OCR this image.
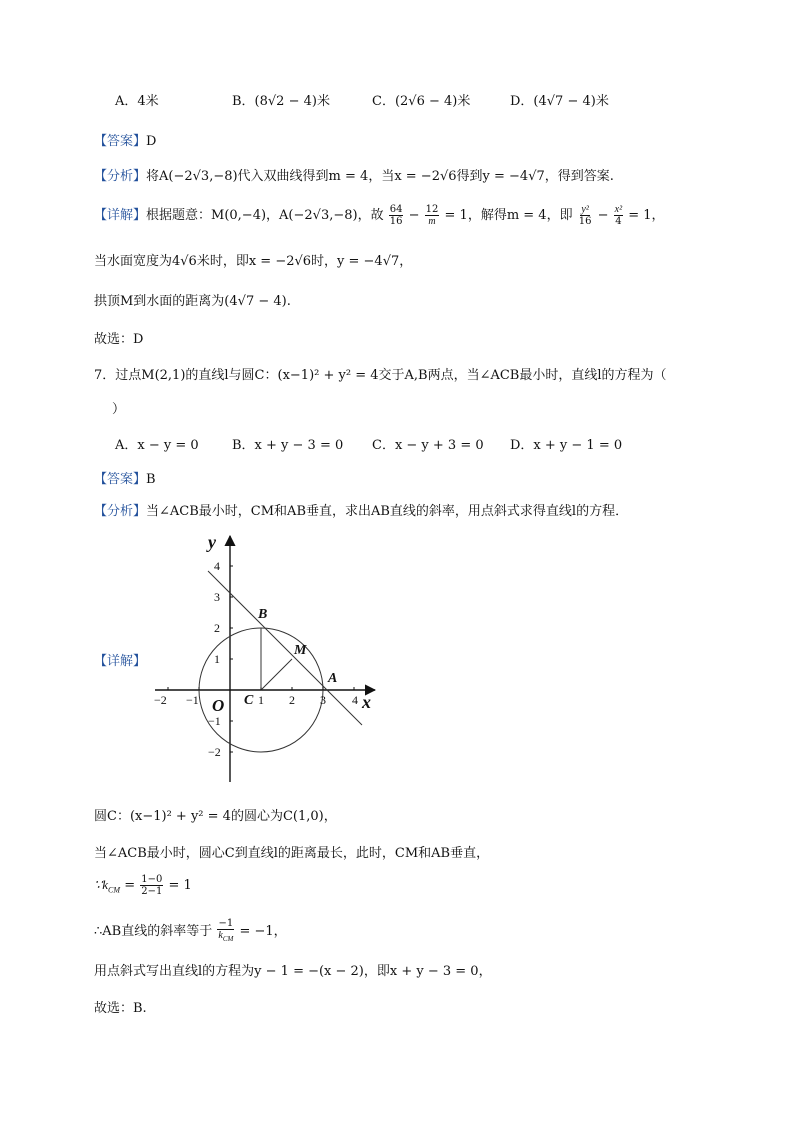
A．4米	B．(8√2 − 4)米	C．(2√6 − 4)米	D．(4√7 − 4)米
【答案】D
【分析】将A(−2√3,−8)代入双曲线得到m = 4，当x = −2√6得到y = −4√7，得到答案.
【详解】根据题意：M(0,−4)，A(−2√3,−8)，故 $\frac{64}{16} - \frac{12}{m} = 1$，解得m = 4，即 $\frac{\text{y²}}{16} - \frac{\text{x²}}{4} = 1$，
当水面宽度为4√6米时，即x = −2√6时，y = −4√7，
拱顶M到水面的距离为(4√7 − 4).
故选：D
7．过点M(2,1)的直线l与圆C：(x−1)² + y² = 4交于A,B两点，当∠ACB最小时，直线l的方程为（
）
A．x − y = 0	B．x + y − 3 = 0 C．x − y + 3 = 0 D．x + y − 1 = 0
【答案】B
【分析】当∠ACB最小时，CM和AB垂直，求出AB直线的斜率，用点斜式求得直线l的方程．
【详解】
−2 −1	1 2 3 4
4
3
2
1
−1
−2
y
x
O
B
M
A
C
圆C：(x−1)² + y² = 4的圆心为C(1,0)，
当∠ACB最小时，圆心C到直线l的距离最长，此时，CM和AB垂直，
$\because k_{CM} = \frac{1-0}{2-1} = 1$
∴AB直线的斜率等于 $\frac{-1}{k_{CM}} = -1$，
用点斜式写出直线l的方程为y − 1 = −(x − 2)，即x + y − 3 = 0，
故选：B.
